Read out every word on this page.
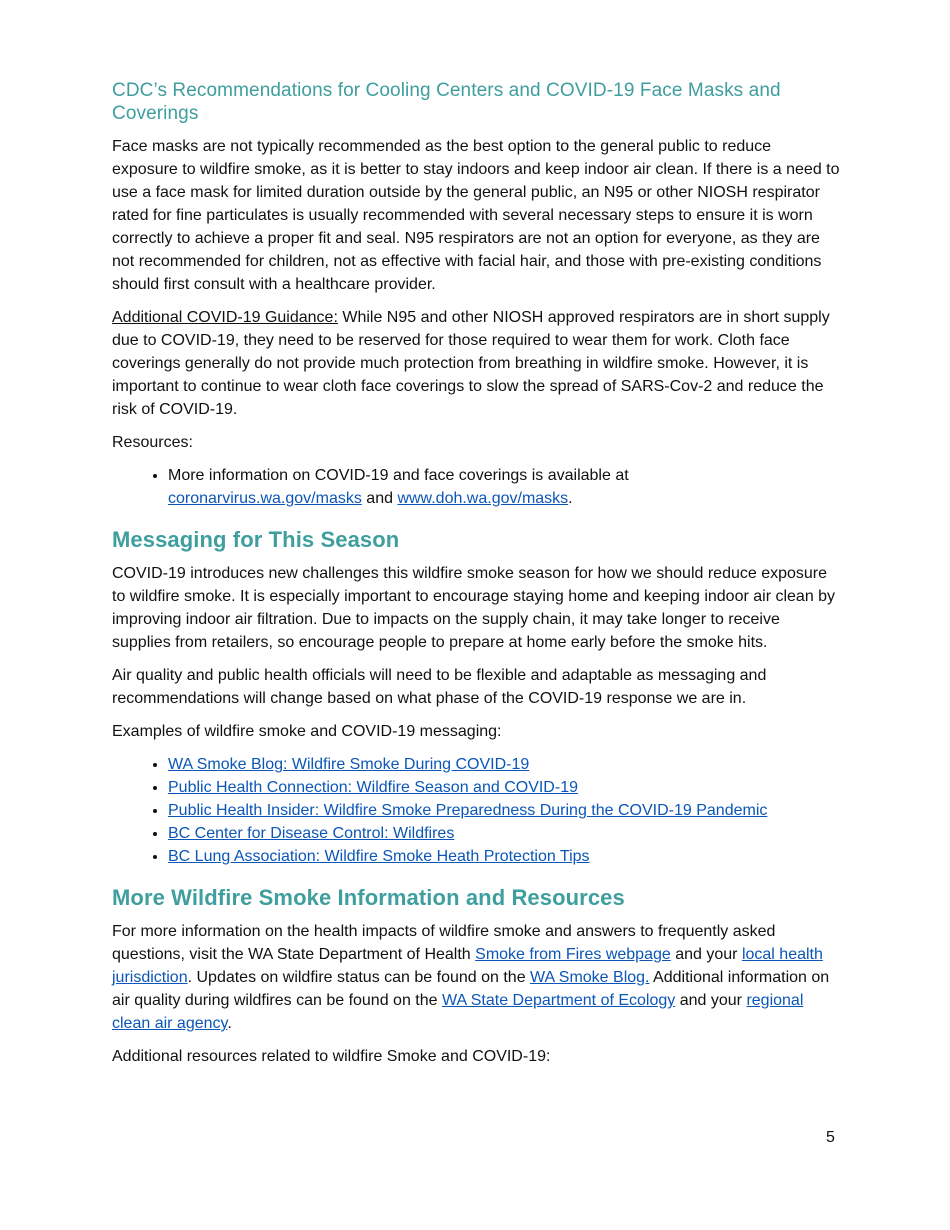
CDC’s Recommendations for Cooling Centers and COVID-19 Face Masks and Coverings

Face masks are not typically recommended as the best option to the general public to reduce exposure to wildfire smoke, as it is better to stay indoors and keep indoor air clean. If there is a need to use a face mask for limited duration outside by the general public, an N95 or other NIOSH respirator rated for fine particulates is usually recommended with several necessary steps to ensure it is worn correctly to achieve a proper fit and seal. N95 respirators are not an option for everyone, as they are not recommended for children, not as effective with facial hair, and those with pre-existing conditions should first consult with a healthcare provider.

Additional COVID-19 Guidance: While N95 and other NIOSH approved respirators are in short supply due to COVID-19, they need to be reserved for those required to wear them for work. Cloth face coverings generally do not provide much protection from breathing in wildfire smoke. However, it is important to continue to wear cloth face coverings to slow the spread of SARS-Cov-2 and reduce the risk of COVID-19.

Resources:

• More information on COVID-19 and face coverings is available at
coronarvirus.wa.gov/masks and www.doh.wa.gov/masks.
Messaging for This Season

COVID-19 introduces new challenges this wildfire smoke season for how we should reduce exposure to wildfire smoke. It is especially important to encourage staying home and keeping indoor air clean by improving indoor air filtration. Due to impacts on the supply chain, it may take longer to receive supplies from retailers, so encourage people to prepare at home early before the smoke hits.

Air quality and public health officials will need to be flexible and adaptable as messaging and recommendations will change based on what phase of the COVID-19 response we are in.

Examples of wildfire smoke and COVID-19 messaging:

• WA Smoke Blog: Wildfire Smoke During COVID-19
• Public Health Connection: Wildfire Season and COVID-19
• Public Health Insider: Wildfire Smoke Preparedness During the COVID-19 Pandemic
• BC Center for Disease Control: Wildfires
• BC Lung Association: Wildfire Smoke Heath Protection Tips
More Wildfire Smoke Information and Resources

For more information on the health impacts of wildfire smoke and answers to frequently asked questions, visit the WA State Department of Health Smoke from Fires webpage and your local health jurisdiction. Updates on wildfire status can be found on the WA Smoke Blog. Additional information on air quality during wildfires can be found on the WA State Department of Ecology and your regional clean air agency.

Additional resources related to wildfire Smoke and COVID-19:

5
